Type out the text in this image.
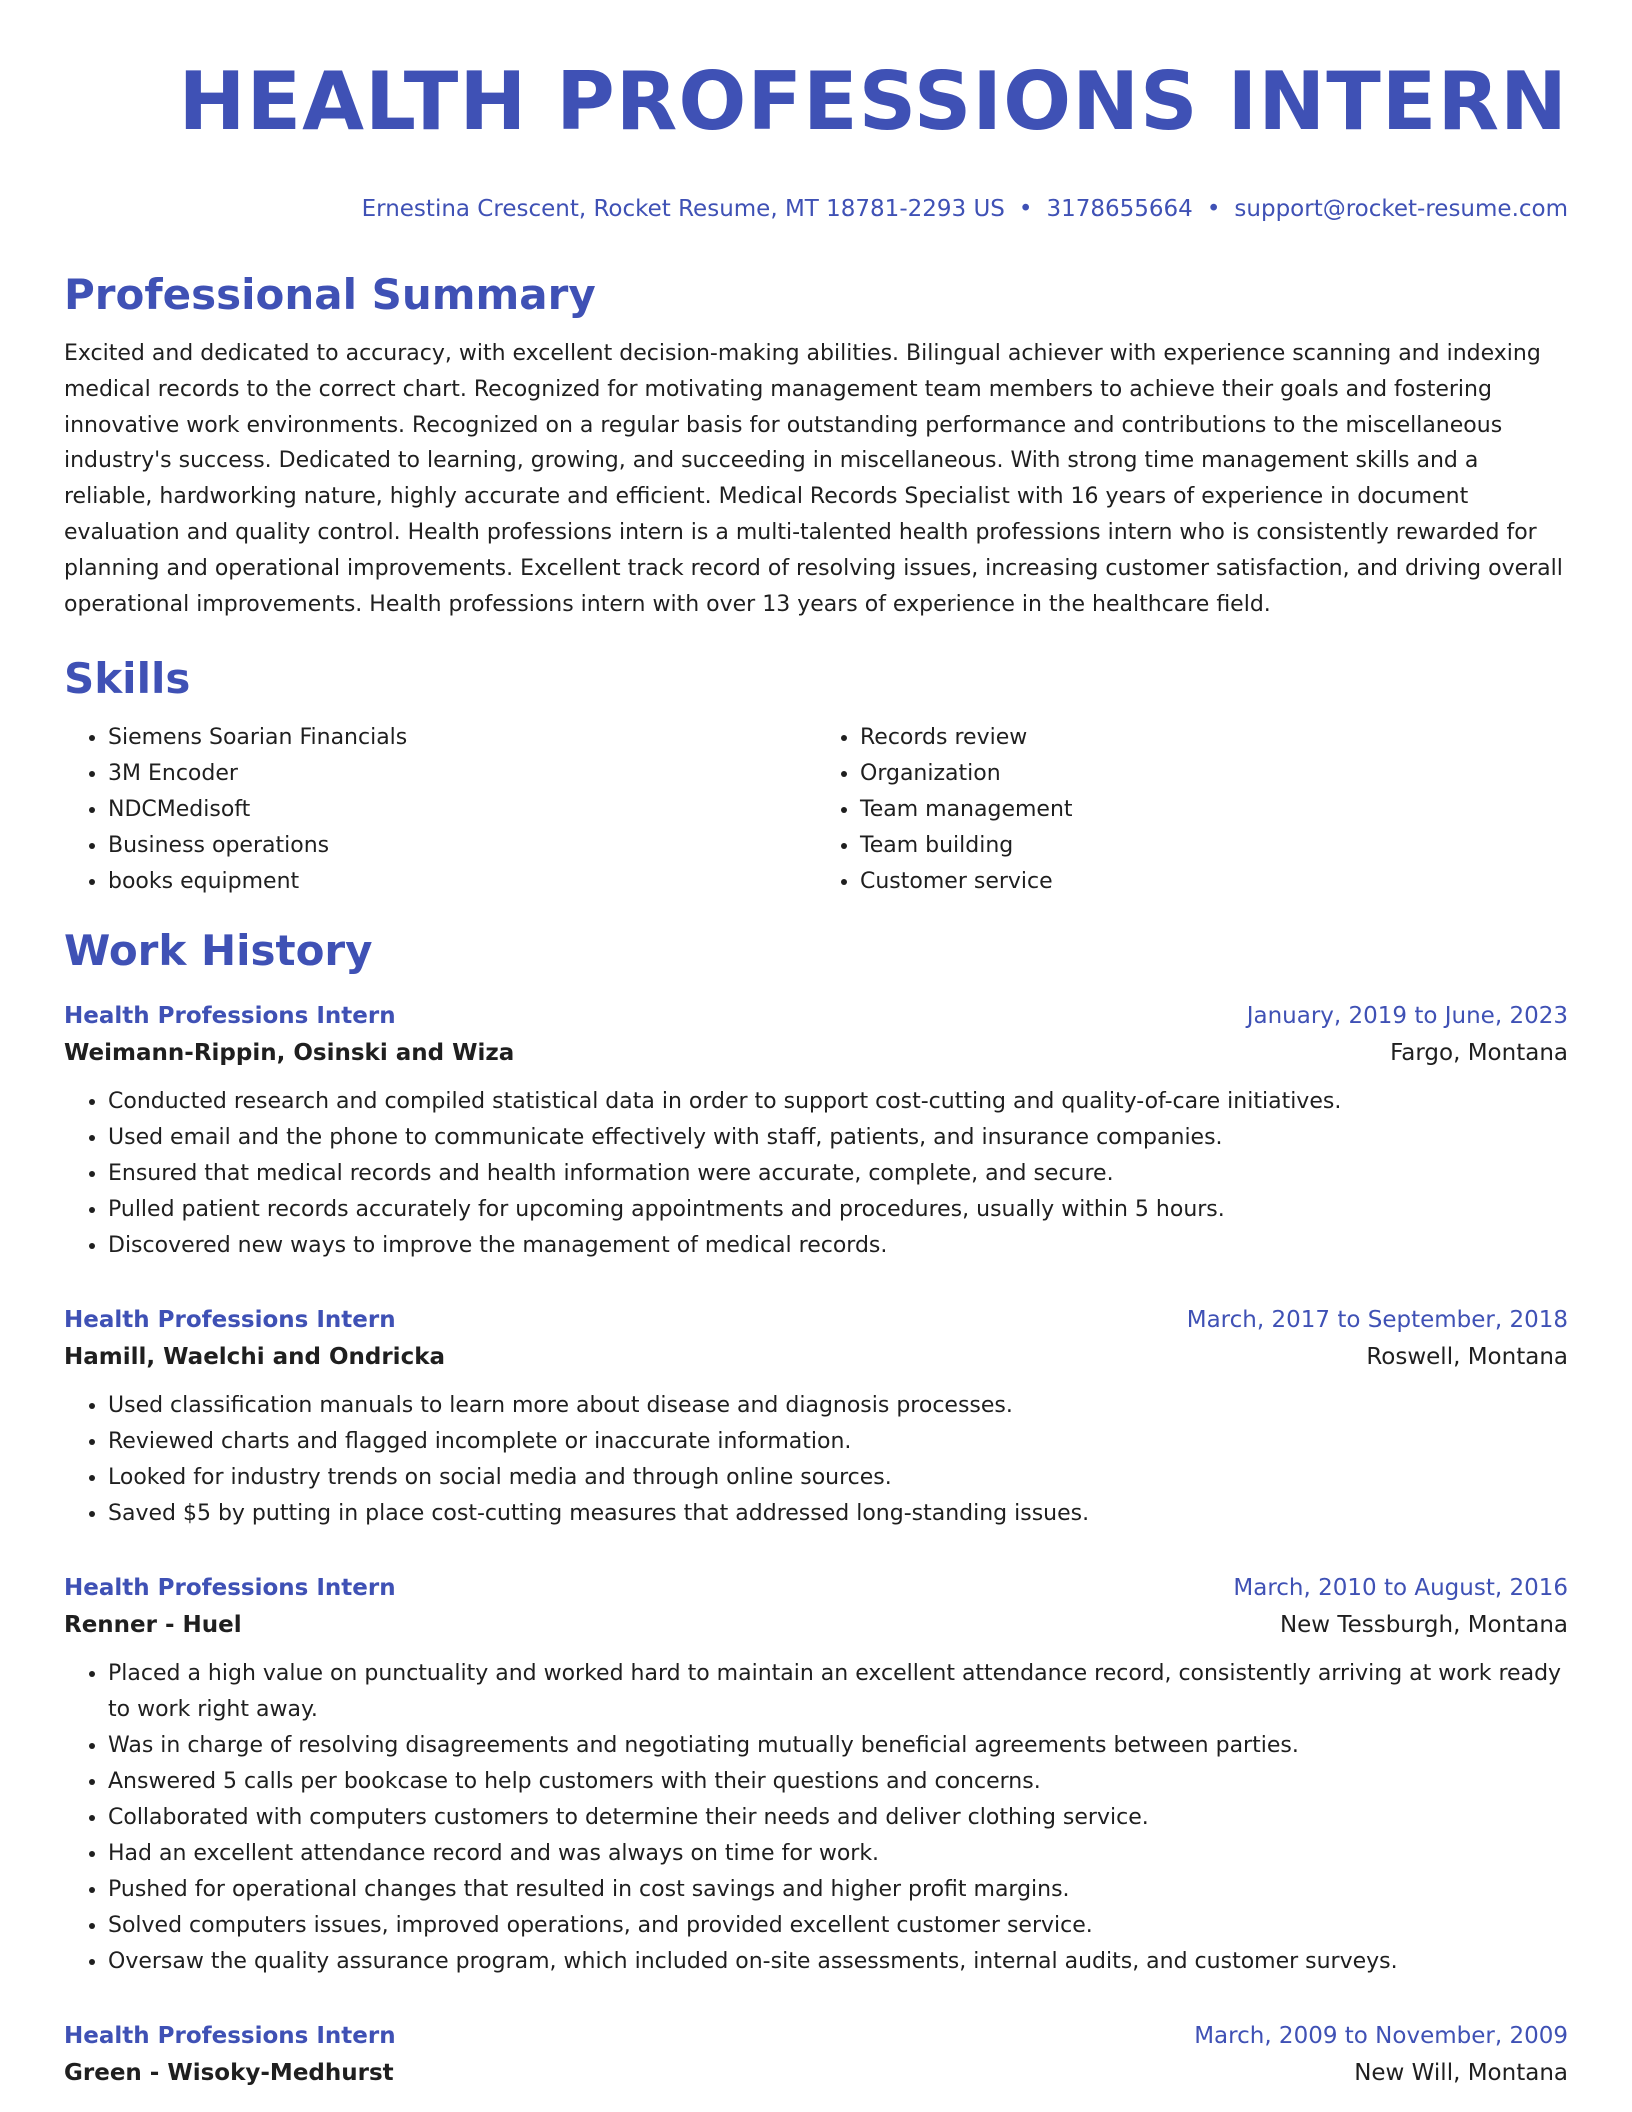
HEALTH PROFESSIONS INTERN
Ernestina Crescent, Rocket Resume, MT 18781-2293 US • 3178655664 • support@rocket-resume.com
Professional Summary
Excited and dedicated to accuracy, with excellent decision-making abilities. Bilingual achiever with experience scanning and indexing medical records to the correct chart. Recognized for motivating management team members to achieve their goals and fostering innovative work environments. Recognized on a regular basis for outstanding performance and contributions to the miscellaneous industry's success. Dedicated to learning, growing, and succeeding in miscellaneous. With strong time management skills and a reliable, hardworking nature, highly accurate and efficient. Medical Records Specialist with 16 years of experience in document evaluation and quality control. Health professions intern is a multi-talented health professions intern who is consistently rewarded for planning and operational improvements. Excellent track record of resolving issues, increasing customer satisfaction, and driving overall operational improvements. Health professions intern with over 13 years of experience in the healthcare field.
Skills
• Siemens Soarian Financials
• 3M Encoder
• NDCMedisoft
• Business operations
• books equipment
• Records review
• Organization
• Team management
• Team building
• Customer service
Work History
Health Professions Intern	January, 2019 to June, 2023
Weimann-Rippin, Osinski and Wiza	Fargo, Montana
• Conducted research and compiled statistical data in order to support cost-cutting and quality-of-care initiatives.
• Used email and the phone to communicate effectively with staff, patients, and insurance companies.
• Ensured that medical records and health information were accurate, complete, and secure.
• Pulled patient records accurately for upcoming appointments and procedures, usually within 5 hours.
• Discovered new ways to improve the management of medical records.
Health Professions Intern	March, 2017 to September, 2018
Hamill, Waelchi and Ondricka	Roswell, Montana
• Used classification manuals to learn more about disease and diagnosis processes.
• Reviewed charts and flagged incomplete or inaccurate information.
• Looked for industry trends on social media and through online sources.
• Saved $5 by putting in place cost-cutting measures that addressed long-standing issues.
Health Professions Intern	March, 2010 to August, 2016
Renner - Huel	New Tessburgh, Montana
• Placed a high value on punctuality and worked hard to maintain an excellent attendance record, consistently arriving at work ready to work right away.
• Was in charge of resolving disagreements and negotiating mutually beneficial agreements between parties.
• Answered 5 calls per bookcase to help customers with their questions and concerns.
• Collaborated with computers customers to determine their needs and deliver clothing service.
• Had an excellent attendance record and was always on time for work.
• Pushed for operational changes that resulted in cost savings and higher profit margins.
• Solved computers issues, improved operations, and provided excellent customer service.
• Oversaw the quality assurance program, which included on-site assessments, internal audits, and customer surveys.
Health Professions Intern	March, 2009 to November, 2009
Green - Wisoky-Medhurst	New Will, Montana
